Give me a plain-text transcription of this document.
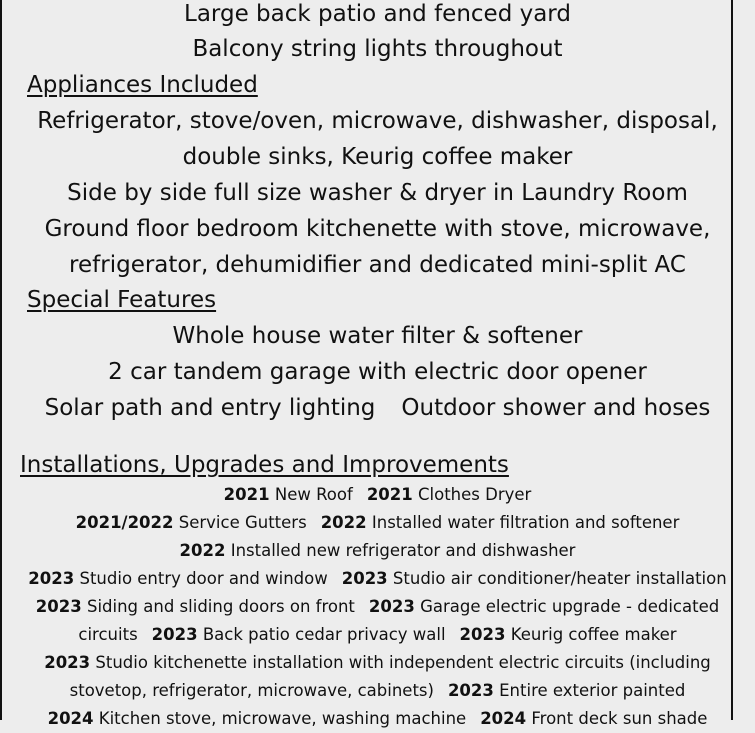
Large back patio and fenced yard
Balcony string lights throughout
Appliances Included
Refrigerator, stove/oven, microwave, dishwasher, disposal,
double sinks, Keurig coffee maker
Side by side full size washer & dryer in Laundry Room
Ground floor bedroom kitchenette with stove, microwave,
refrigerator, dehumidifier and dedicated mini-split AC
Special Features
Whole house water filter & softener
2 car tandem garage with electric door opener
Solar path and entry lighting Outdoor shower and hoses
Installations, Upgrades and Improvements
2021 New Roof 2021 Clothes Dryer
2021/2022 Service Gutters 2022 Installed water filtration and softener
2022 Installed new refrigerator and dishwasher
2023 Studio entry door and window 2023 Studio air conditioner/heater installation
2023 Siding and sliding doors on front 2023 Garage electric upgrade - dedicated
circuits 2023 Back patio cedar privacy wall 2023 Keurig coffee maker
2023 Studio kitchenette installation with independent electric circuits (including
stovetop, refrigerator, microwave, cabinets) 2023 Entire exterior painted
2024 Kitchen stove, microwave, washing machine 2024 Front deck sun shade
